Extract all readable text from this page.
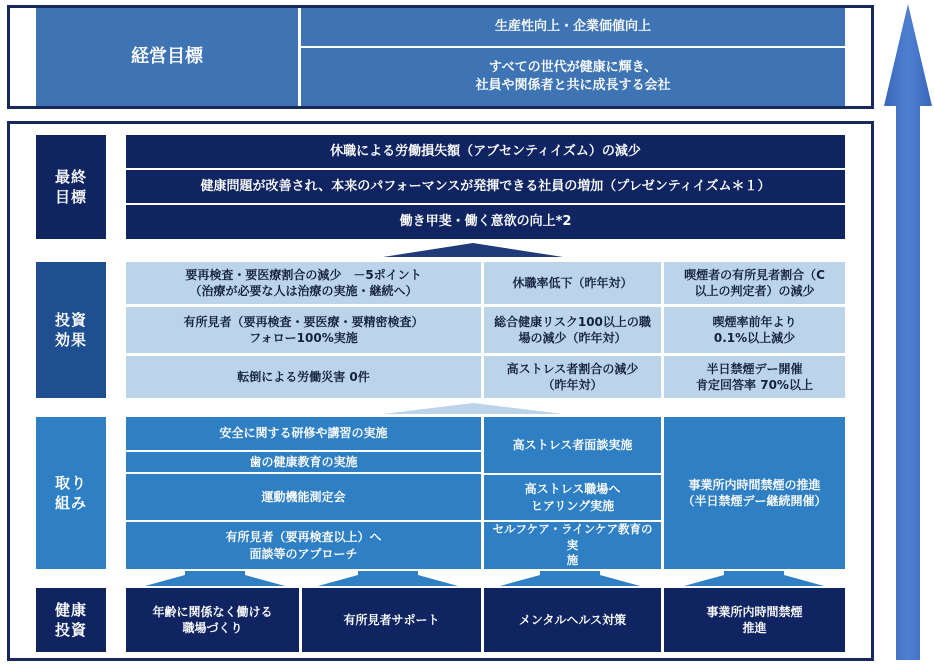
経営目標
生産性向上・企業価値向上
すべての世代が健康に輝き、
社員や関係者と共に成長する会社
最終
目標
休職による労働損失額（アブセンティイズム）の減少
健康問題が改善され、本来のパフォーマンスが発揮できる社員の増加（プレゼンティイズム＊１）
働き甲斐・働く意欲の向上*2
投資
効果
要再検査・要医療割合の減少　－5ポイント
（治療が必要な人は治療の実施・継続へ）
有所見者（要再検査・要医療・要精密検査）
フォロー100%実施
転倒による労働災害 0件
休職率低下（昨年対）
総合健康リスク100以上の職
場の減少（昨年対）
高ストレス者割合の減少
（昨年対）
喫煙者の有所見者割合（C
以上の判定者）の減少
喫煙率前年より
0.1%以上減少
半日禁煙デー開催
肯定回答率 70%以上
取り
組み
安全に関する研修や講習の実施
歯の健康教育の実施
運動機能測定会
有所見者（要再検査以上）へ
面談等のアプローチ
高ストレス者面談実施
高ストレス職場へ
ヒアリング実施
セルフケア・ラインケア教育の実
施
事業所内時間禁煙の推進
（半日禁煙デー継続開催）
健康
投資
年齢に関係なく働ける
職場づくり
有所見者サポート	メンタルヘルス対策
事業所内時間禁煙
推進
